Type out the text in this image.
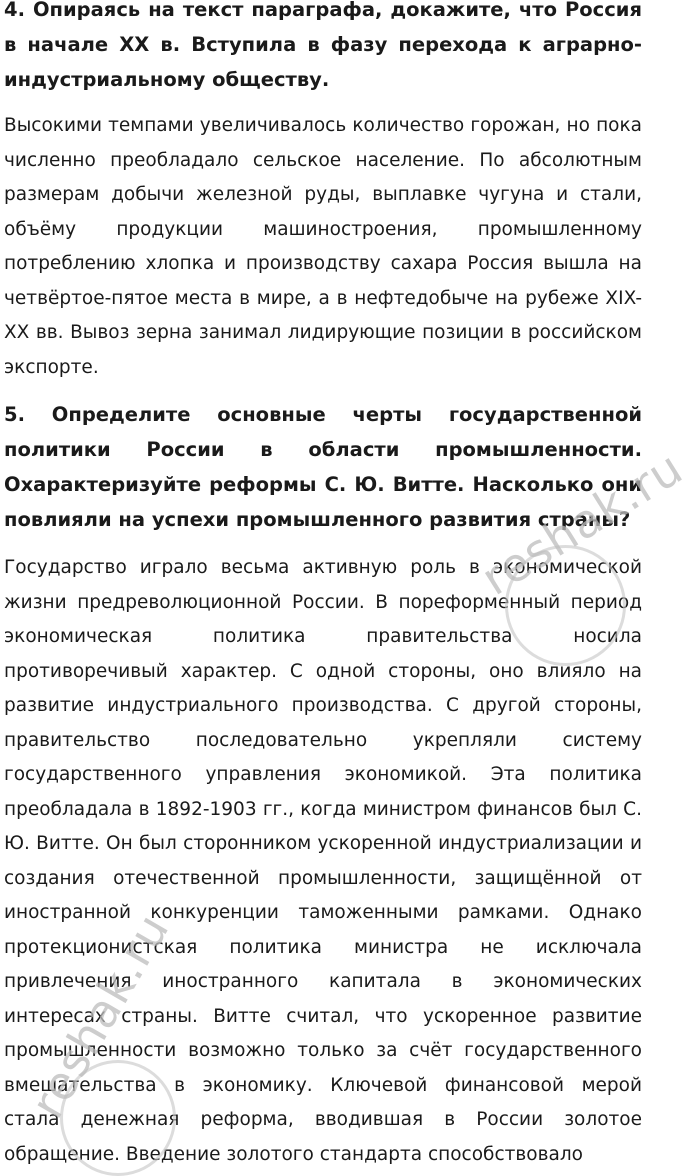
4. Опираясь на текст параграфа, докажите, что Россия в начале XX в. Вступила в фазу перехода к аграрно-индустриальному обществу.

Высокими темпами увеличивалось количество горожан, но пока численно преобладало сельское население. По абсолютным размерам добычи железной руды, выплавке чугуна и стали, объёму продукции машиностроения, промышленному потреблению хлопка и производству сахара Россия вышла на четвёртое-пятое места в мире, а в нефтедобыче на рубеже XIX-XX вв. Вывоз зерна занимал лидирующие позиции в российском экспорте.

5. Определите основные черты государственной политики России в области промышленности. Охарактеризуйте реформы С. Ю. Витте. Насколько они повлияли на успехи промышленного развития страны?

Государство играло весьма активную роль в экономической жизни предреволюционной России. В пореформенный период экономическая политика правительства носила противоречивый характер. С одной стороны, оно влияло на развитие индустриального производства. С другой стороны, правительство последовательно укрепляли систему государственного управления экономикой. Эта политика преобладала в 1892-1903 гг., когда министром финансов был С. Ю. Витте. Он был сторонником ускоренной индустриализации и создания отечественной промышленности, защищённой от иностранной конкуренции таможенными рамками. Однако протекционистская политика министра не исключала привлечения иностранного капитала в экономических интересах страны. Витте считал, что ускоренное развитие промышленности возможно только за счёт государственного вмешательства в экономику. Ключевой финансовой мерой стала денежная реформа, вводившая в России золотое обращение. Введение золотого стандарта способствовало

reshak.ru
reshak.ru
